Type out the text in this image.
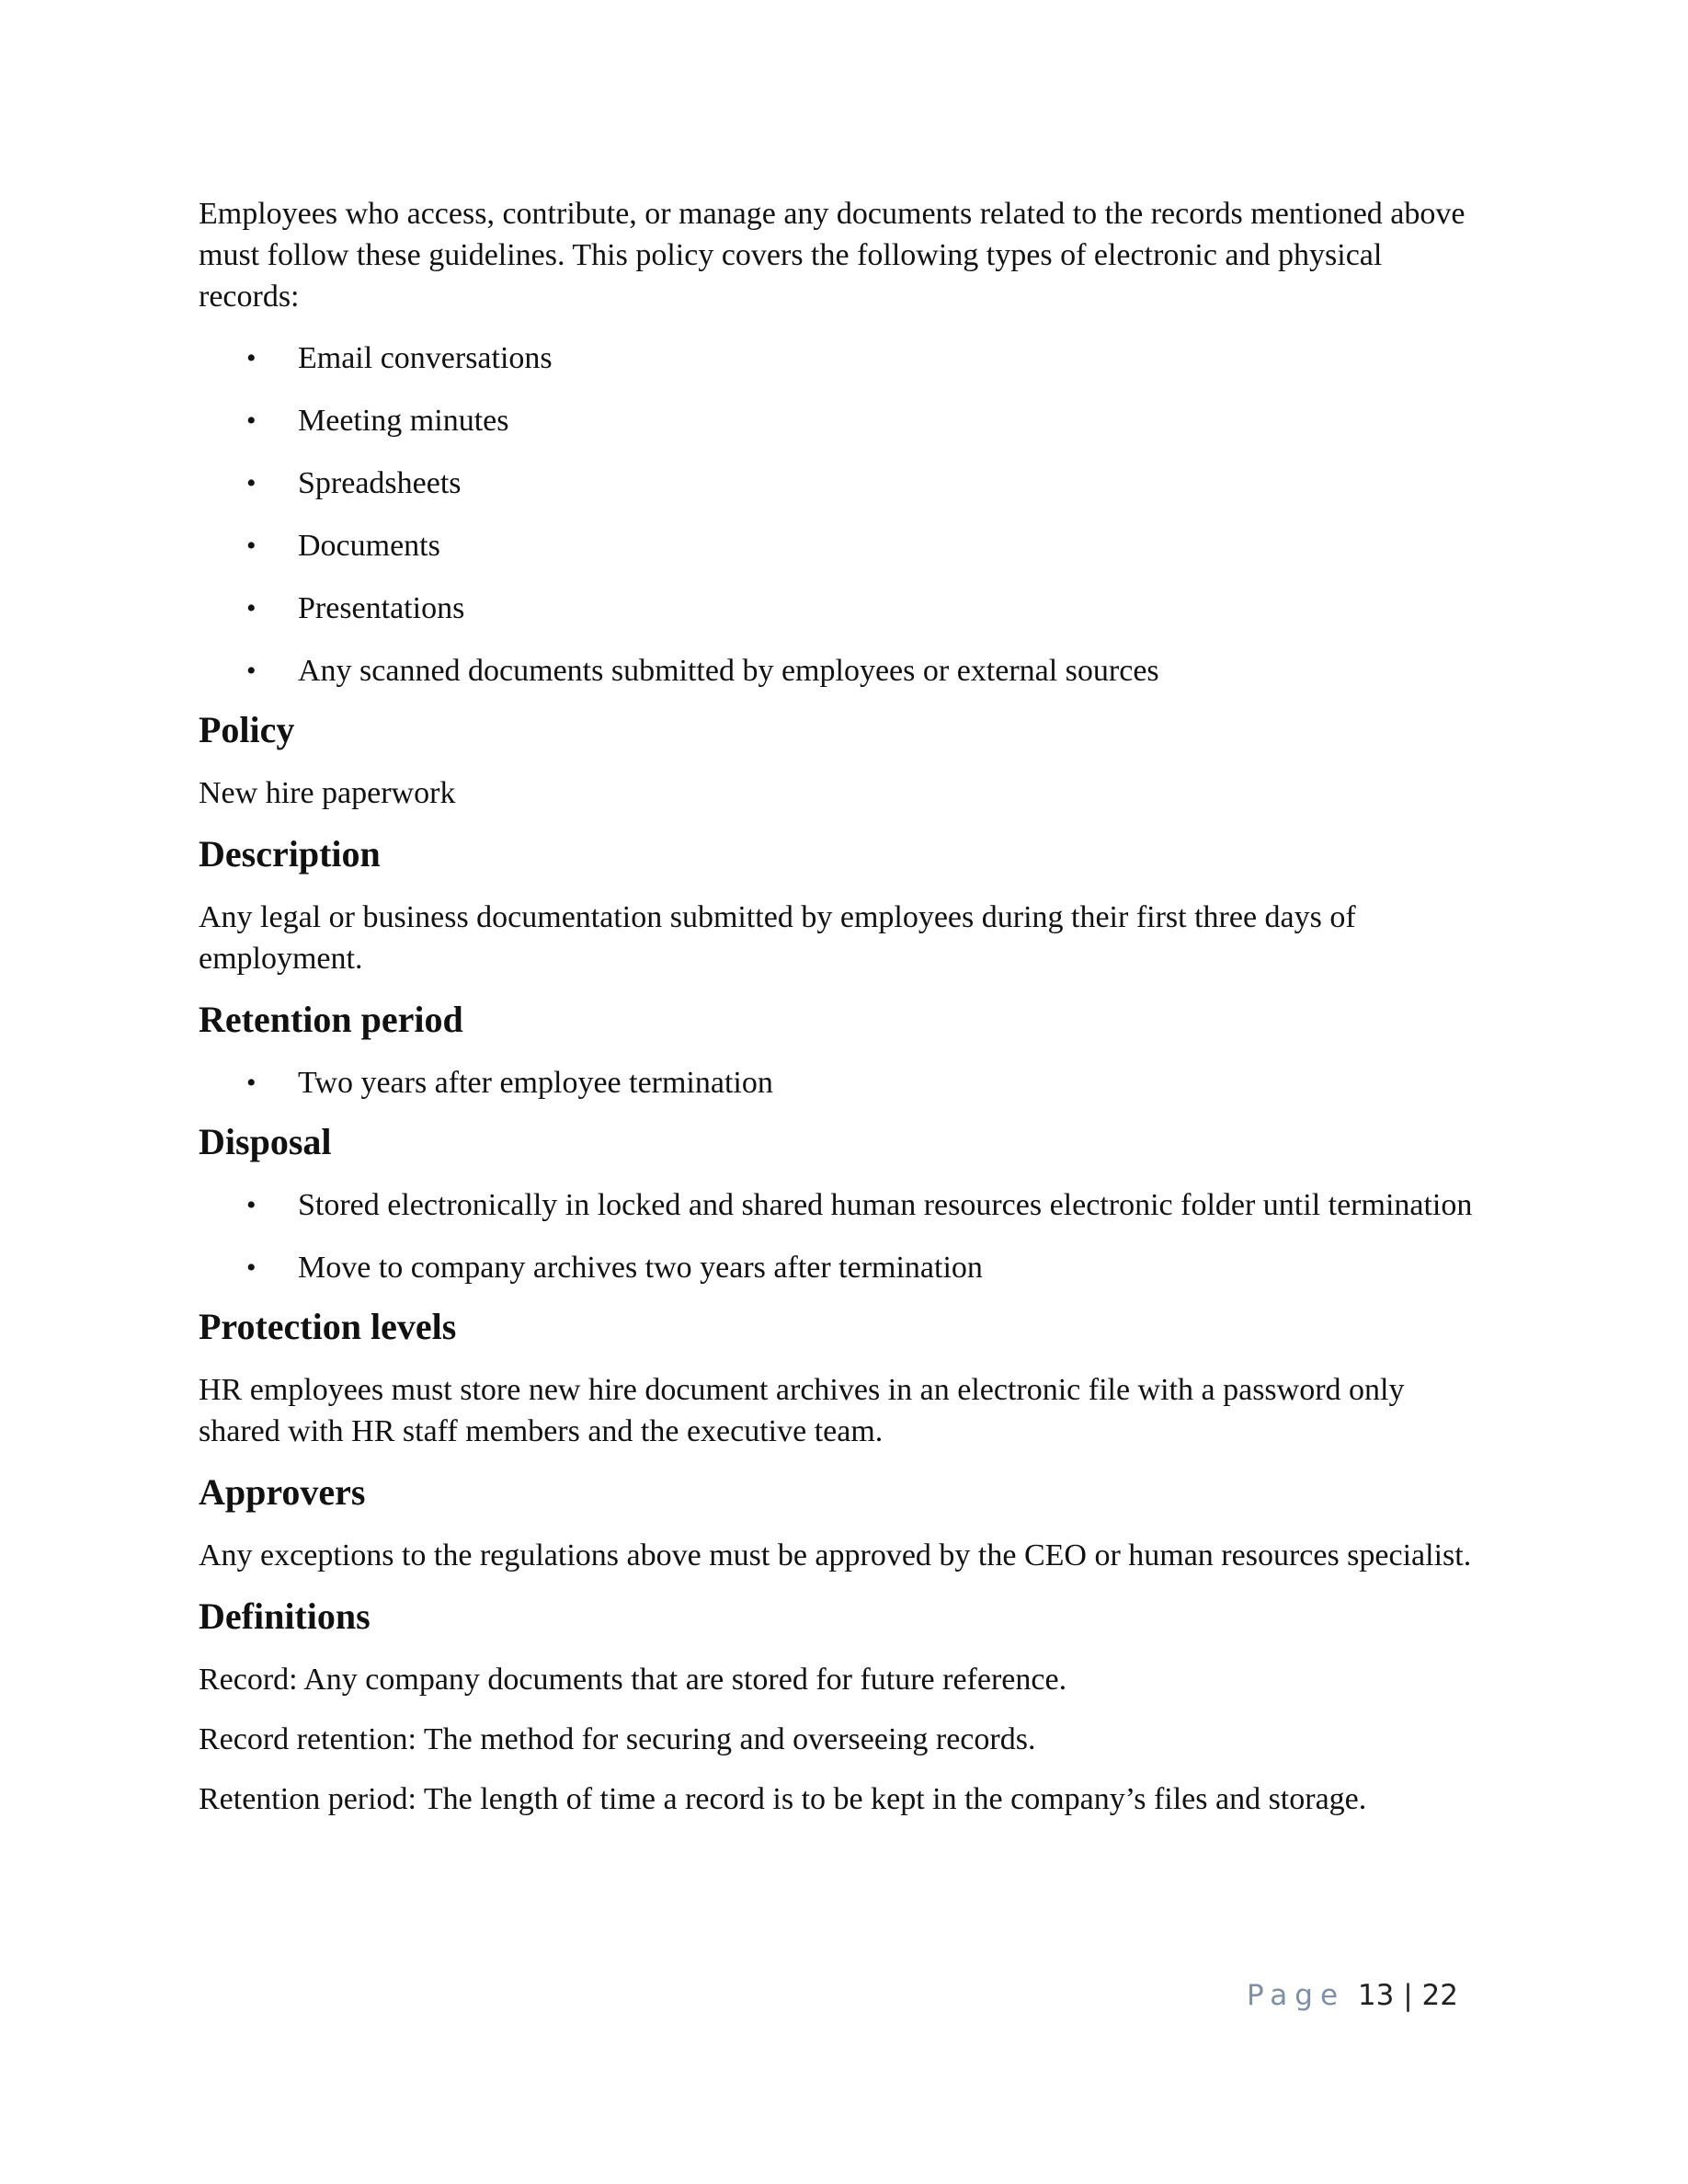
Employees who access, contribute, or manage any documents related to the records mentioned above must follow these guidelines. This policy covers the following types of electronic and physical records:

• Email conversations
• Meeting minutes
• Spreadsheets
• Documents
• Presentations
• Any scanned documents submitted by employees or external sources
Policy

New hire paperwork

Description

Any legal or business documentation submitted by employees during their first three days of employment.

Retention period
• Two years after employee termination
Disposal
• Stored electronically in locked and shared human resources electronic folder until termination
• Move to company archives two years after termination
Protection levels

HR employees must store new hire document archives in an electronic file with a password only shared with HR staff members and the executive team.

Approvers

Any exceptions to the regulations above must be approved by the CEO or human resources specialist.

Definitions

Record: Any company documents that are stored for future reference.

Record retention: The method for securing and overseeing records.

Retention period: The length of time a record is to be kept in the company’s files and storage.

Page 13 | 22
